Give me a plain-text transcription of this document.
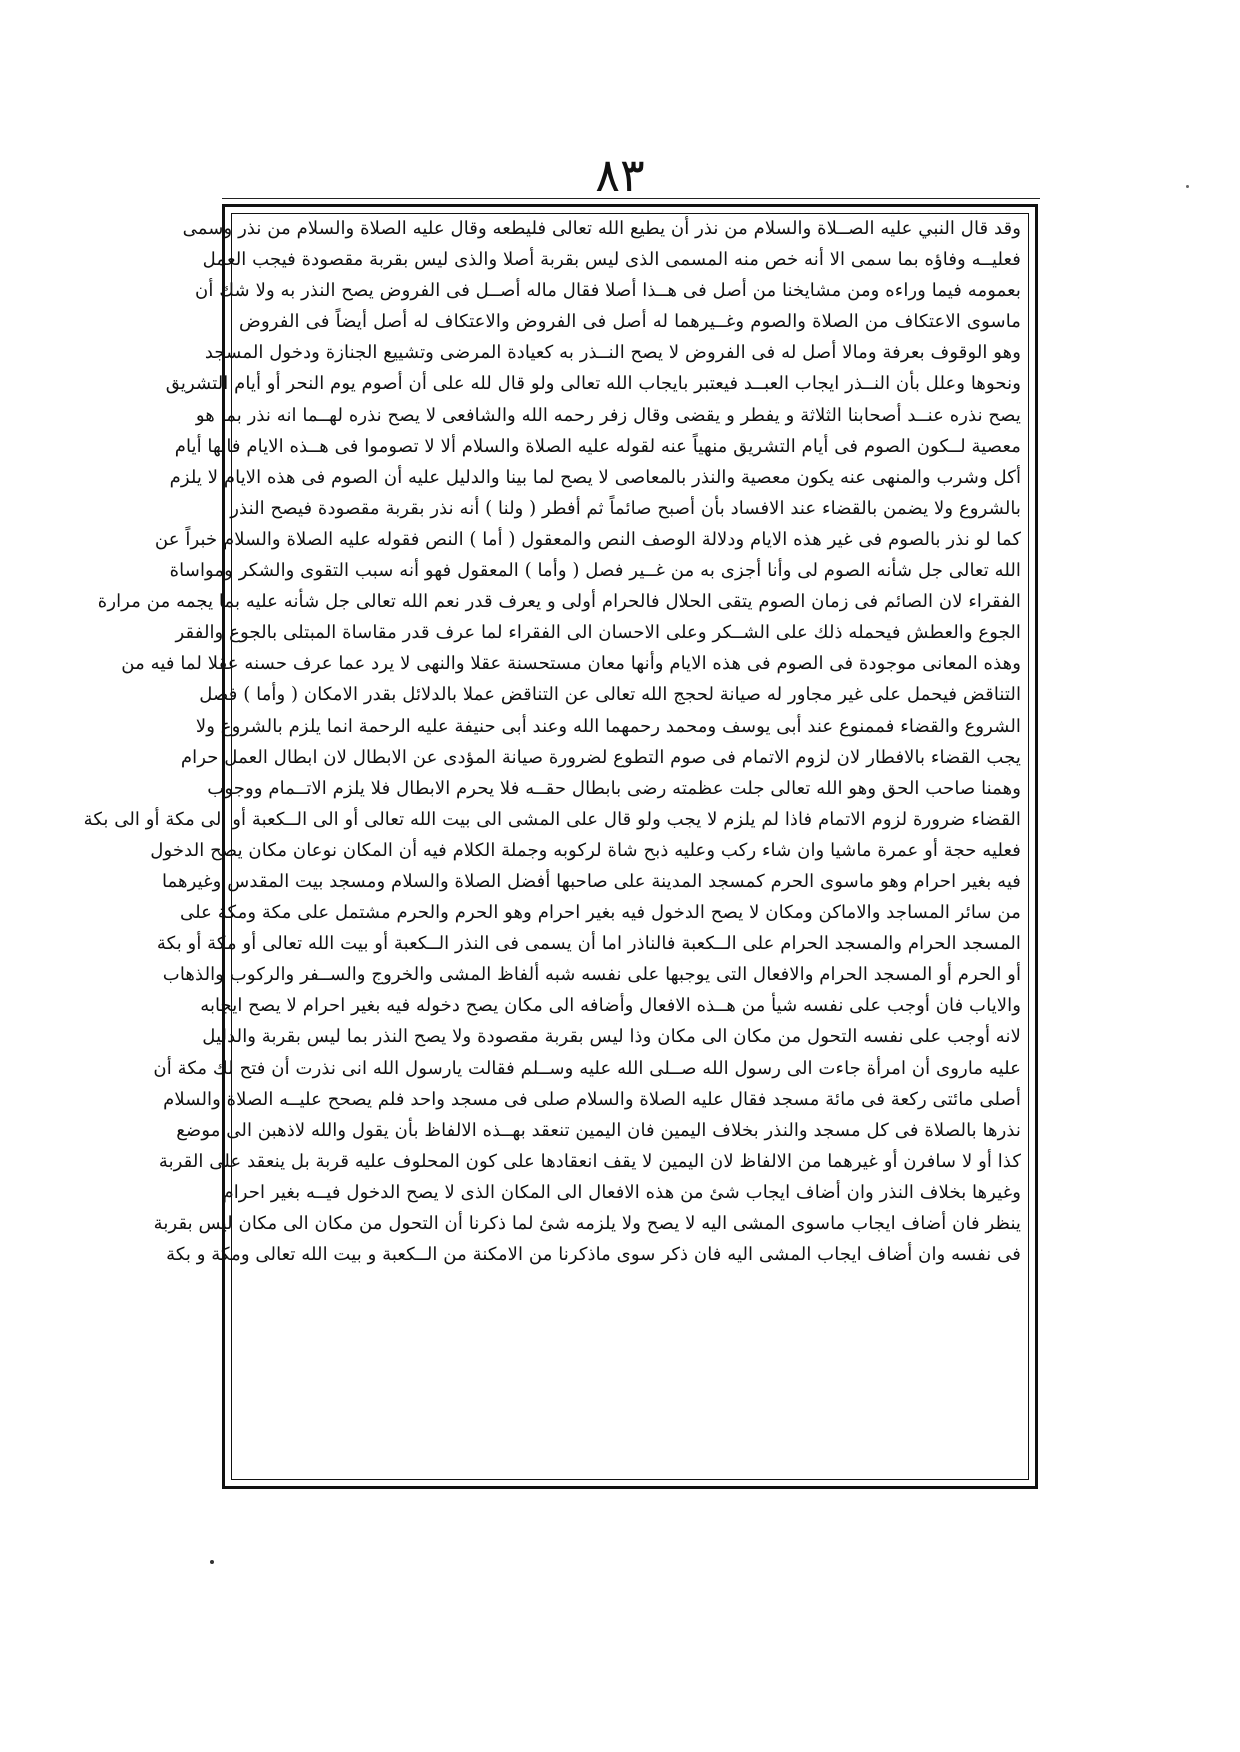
٨٣
وقد قال النبي عليه الصــلاة والسلام من نذر أن يطيع الله تعالى فليطعه وقال عليه الصلاة والسلام من نذر وسمى
فعليــه وفاؤه بما سمى الا أنه خص منه المسمى الذى ليس بقربة أصلا والذى ليس بقربة مقصودة فيجب العمل
بعمومه فيما وراءه ومن مشايخنا من أصل فى هــذا أصلا فقال ماله أصــل فى الفروض يصح النذر به ولا شك أن
ماسوى الاعتكاف من الصلاة والصوم وغــيرهما له أصل فى الفروض والاعتكاف له أصل أيضاً فى الفروض
وهو الوقوف بعرفة ومالا أصل له فى الفروض لا يصح النــذر به كعيادة المرضى وتشييع الجنازة ودخول المسجد
ونحوها وعلل بأن النــذر ايجاب العبــد فيعتبر بايجاب الله تعالى ولو قال لله على أن أصوم يوم النحر أو أيام التشريق
يصح نذره عنــد أصحابنا الثلاثة و يفطر و يقضى وقال زفر رحمه الله والشافعى لا يصح نذره لهــما انه نذر بما هو
معصية لــكون الصوم فى أيام التشريق منهياً عنه لقوله عليه الصلاة والسلام ألا لا تصوموا فى هــذه الايام فانها أيام
أكل وشرب والمنهى عنه يكون معصية والنذر بالمعاصى لا يصح لما بينا والدليل عليه أن الصوم فى هذه الايام لا يلزم
بالشروع ولا يضمن بالقضاء عند الافساد بأن أصبح صائماً ثم أفطر ( ولنا ) أنه نذر بقربة مقصودة فيصح النذر
كما لو نذر بالصوم فى غير هذه الايام ودلالة الوصف النص والمعقول ( أما ) النص فقوله عليه الصلاة والسلام خبراً عن
الله تعالى جل شأنه الصوم لى وأنا أجزى به من غــير فصل ( وأما ) المعقول فهو أنه سبب التقوى والشكر ومواساة
الفقراء لان الصائم فى زمان الصوم يتقى الحلال فالحرام أولى و يعرف قدر نعم الله تعالى جل شأنه عليه بما يجمه من مرارة
الجوع والعطش فيحمله ذلك على الشــكر وعلى الاحسان الى الفقراء لما عرف قدر مقاساة المبتلى بالجوع والفقر
وهذه المعانى موجودة فى الصوم فى هذه الايام وأنها معان مستحسنة عقلا والنهى لا يرد عما عرف حسنه عقلا لما فيه من
التناقض فيحمل على غير مجاور له صيانة لحجج الله تعالى عن التناقض عملا بالدلائل بقدر الامكان ( وأما ) فصل
الشروع والقضاء فممنوع عند أبى يوسف ومحمد رحمهما الله وعند أبى حنيفة عليه الرحمة انما يلزم بالشروع ولا
يجب القضاء بالافطار لان لزوم الاتمام فى صوم التطوع لضرورة صيانة المؤدى عن الابطال لان ابطال العمل حرام
وهمنا صاحب الحق وهو الله تعالى جلت عظمته رضى بابطال حقــه فلا يحرم الابطال فلا يلزم الاتــمام ووجوب
القضاء ضرورة لزوم الاتمام فاذا لم يلزم لا يجب ولو قال على المشى الى بيت الله تعالى أو الى الــكعبة أو الى مكة أو الى بكة
فعليه حجة أو عمرة ماشيا وان شاء ركب وعليه ذبح شاة لركوبه وجملة الكلام فيه أن المكان نوعان مكان يصح الدخول
فيه بغير احرام وهو ماسوى الحرم كمسجد المدينة على صاحبها أفضل الصلاة والسلام ومسجد بيت المقدس وغيرهما
من سائر المساجد والاماكن ومكان لا يصح الدخول فيه بغير احرام وهو الحرم والحرم مشتمل على مكة ومكة على
المسجد الحرام والمسجد الحرام على الــكعبة فالناذر اما أن يسمى فى النذر الــكعبة أو بيت الله تعالى أو مكة أو بكة
أو الحرم أو المسجد الحرام والافعال التى يوجبها على نفسه شبه ألفاظ المشى والخروج والســفر والركوب والذهاب
والاياب فان أوجب على نفسه شيأ من هــذه الافعال وأضافه الى مكان يصح دخوله فيه بغير احرام لا يصح ايجابه
لانه أوجب على نفسه التحول من مكان الى مكان وذا ليس بقربة مقصودة ولا يصح النذر بما ليس بقربة والدليل
عليه ماروى أن امرأة جاءت الى رسول الله صــلى الله عليه وســلم فقالت يارسول الله انى نذرت أن فتح لك مكة أن
أصلى مائتى ركعة فى مائة مسجد فقال عليه الصلاة والسلام صلى فى مسجد واحد فلم يصحح عليــه الصلاة والسلام
نذرها بالصلاة فى كل مسجد والنذر بخلاف اليمين فان اليمين تنعقد بهــذه الالفاظ بأن يقول والله لاذهبن الى موضع
كذا أو لا سافرن أو غيرهما من الالفاظ لان اليمين لا يقف انعقادها على كون المحلوف عليه قربة بل ينعقد على القربة
وغيرها بخلاف النذر وان أضاف ايجاب شئ من هذه الافعال الى المكان الذى لا يصح الدخول فيــه بغير احرام
ينظر فان أضاف ايجاب ماسوى المشى اليه لا يصح ولا يلزمه شئ لما ذكرنا أن التحول من مكان الى مكان ليس بقربة
فى نفسه وان أضاف ايجاب المشى اليه فان ذكر سوى ماذكرنا من الامكنة من الــكعبة و بيت الله تعالى ومكة و بكة
